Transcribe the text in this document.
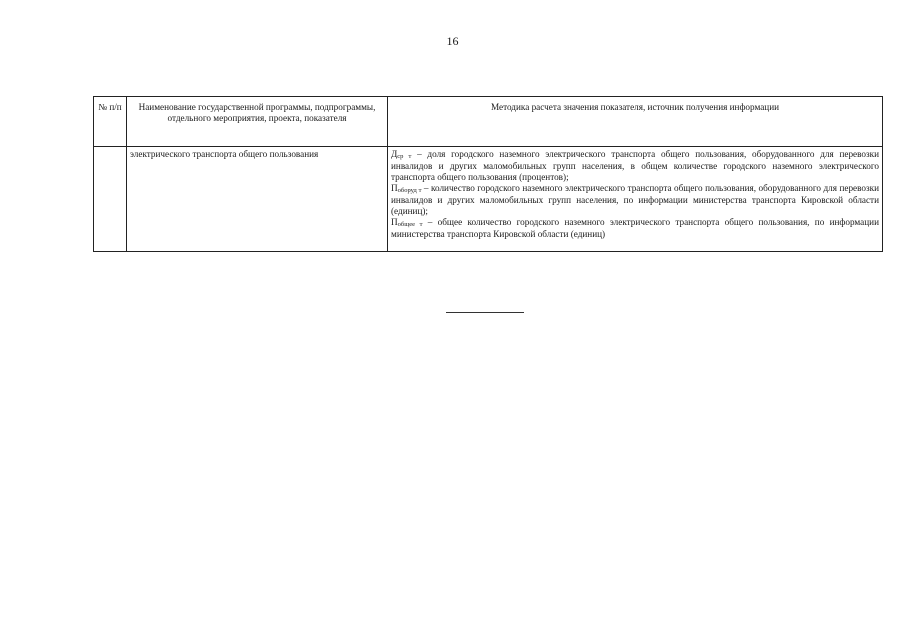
16
№ п/п	Наименование государственной программы, подпрограммы, отдельного мероприятия, проекта, показателя	Методика расчета значения показателя, источник получения информации
	электрического транспорта общего пользования	Дср т – доля городского наземного электрического транспорта общего пользования, оборудованного для перевозки инвалидов и других маломобильных групп населения, в общем количестве городского наземного электрического транспорта общего пользования (процентов);

Поборуд т – количество городского наземного электрического транспорта общего пользования, оборудованного для перевозки инвалидов и других маломобильных групп населения, по информации министерства транспорта Кировской области (единиц);

Побщее т – общее количество городского наземного электрического транспорта общего пользования, по информации министерства транспорта Кировской области (единиц)
